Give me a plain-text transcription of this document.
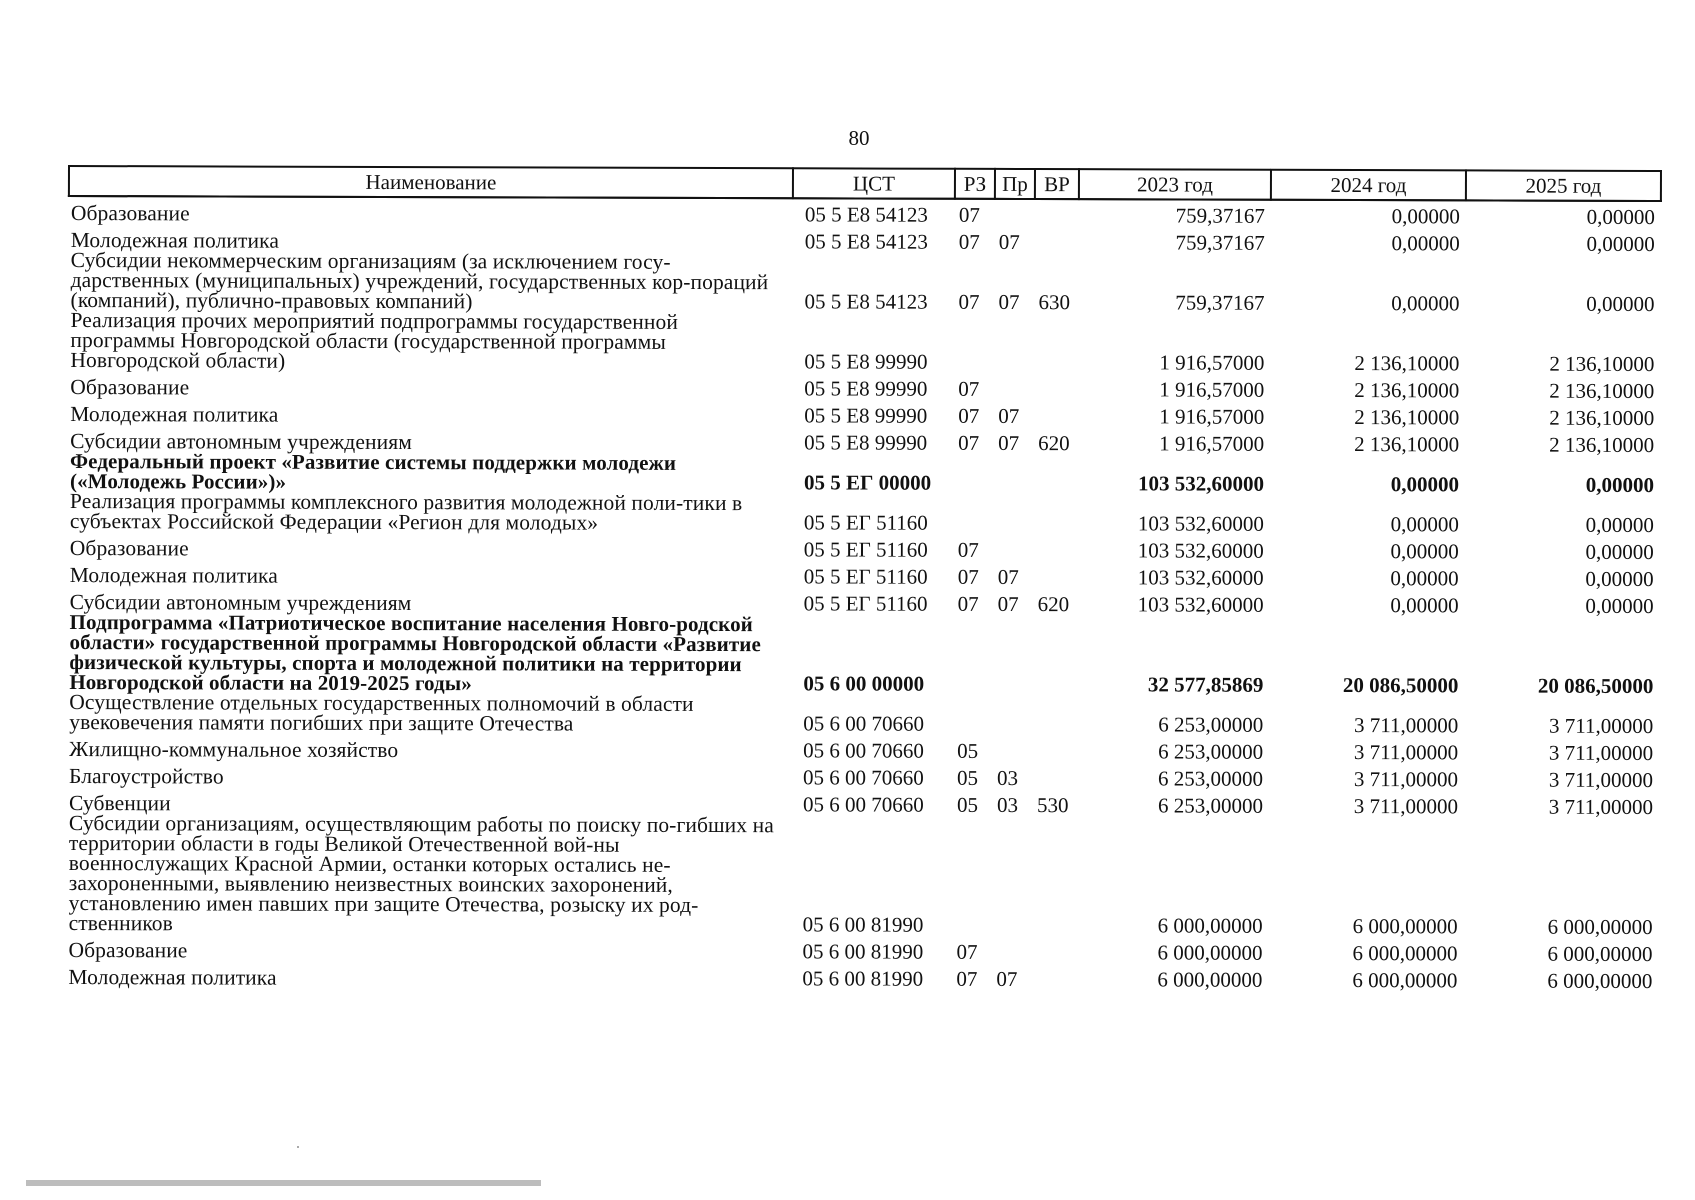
80
Наименование	ЦСТ	РЗ	Пр	ВР	2023 год	2024 год	2025 год
Образование	05 5 Е8 54123	07			759,37167	0,00000	0,00000
Молодежная политика	05 5 Е8 54123	07	07		759,37167	0,00000	0,00000
Субсидии некоммерческим организациям (за исключением госу-дарственных (муниципальных) учреждений, государственных кор-пораций (компаний), публично-правовых компаний)	05 5 Е8 54123	07	07	630	759,37167	0,00000	0,00000
Реализация прочих мероприятий подпрограммы государственной программы Новгородской области (государственной программы Новгородской области)	05 5 Е8 99990				1 916,57000	2 136,10000	2 136,10000
Образование	05 5 Е8 99990	07			1 916,57000	2 136,10000	2 136,10000
Молодежная политика	05 5 Е8 99990	07	07		1 916,57000	2 136,10000	2 136,10000
Субсидии автономным учреждениям	05 5 Е8 99990	07	07	620	1 916,57000	2 136,10000	2 136,10000
Федеральный проект «Развитие системы поддержки молодежи («Молодежь России»)»	05 5 ЕГ 00000				103 532,60000	0,00000	0,00000
Реализация программы комплексного развития молодежной поли-тики в субъектах Российской Федерации «Регион для молодых»	05 5 ЕГ 51160				103 532,60000	0,00000	0,00000
Образование	05 5 ЕГ 51160	07			103 532,60000	0,00000	0,00000
Молодежная политика	05 5 ЕГ 51160	07	07		103 532,60000	0,00000	0,00000
Субсидии автономным учреждениям	05 5 ЕГ 51160	07	07	620	103 532,60000	0,00000	0,00000
Подпрограмма «Патриотическое воспитание населения Новго-родской области» государственной программы Новгородской области «Развитие физической культуры, спорта и молодежной политики на территории Новгородской области на 2019-2025 годы»	05 6 00 00000				32 577,85869	20 086,50000	20 086,50000
Осуществление отдельных государственных полномочий в области увековечения памяти погибших при защите Отечества	05 6 00 70660				6 253,00000	3 711,00000	3 711,00000
Жилищно-коммунальное хозяйство	05 6 00 70660	05			6 253,00000	3 711,00000	3 711,00000
Благоустройство	05 6 00 70660	05	03		6 253,00000	3 711,00000	3 711,00000
Субвенции	05 6 00 70660	05	03	530	6 253,00000	3 711,00000	3 711,00000
Субсидии организациям, осуществляющим работы по поиску по-гибших на территории области в годы Великой Отечественной вой-ны военнослужащих Красной Армии, останки которых остались не-захороненными, выявлению неизвестных воинских захоронений, установлению имен павших при защите Отечества, розыску их род-ственников	05 6 00 81990				6 000,00000	6 000,00000	6 000,00000
Образование	05 6 00 81990	07			6 000,00000	6 000,00000	6 000,00000
Молодежная политика	05 6 00 81990	07	07		6 000,00000	6 000,00000	6 000,00000
